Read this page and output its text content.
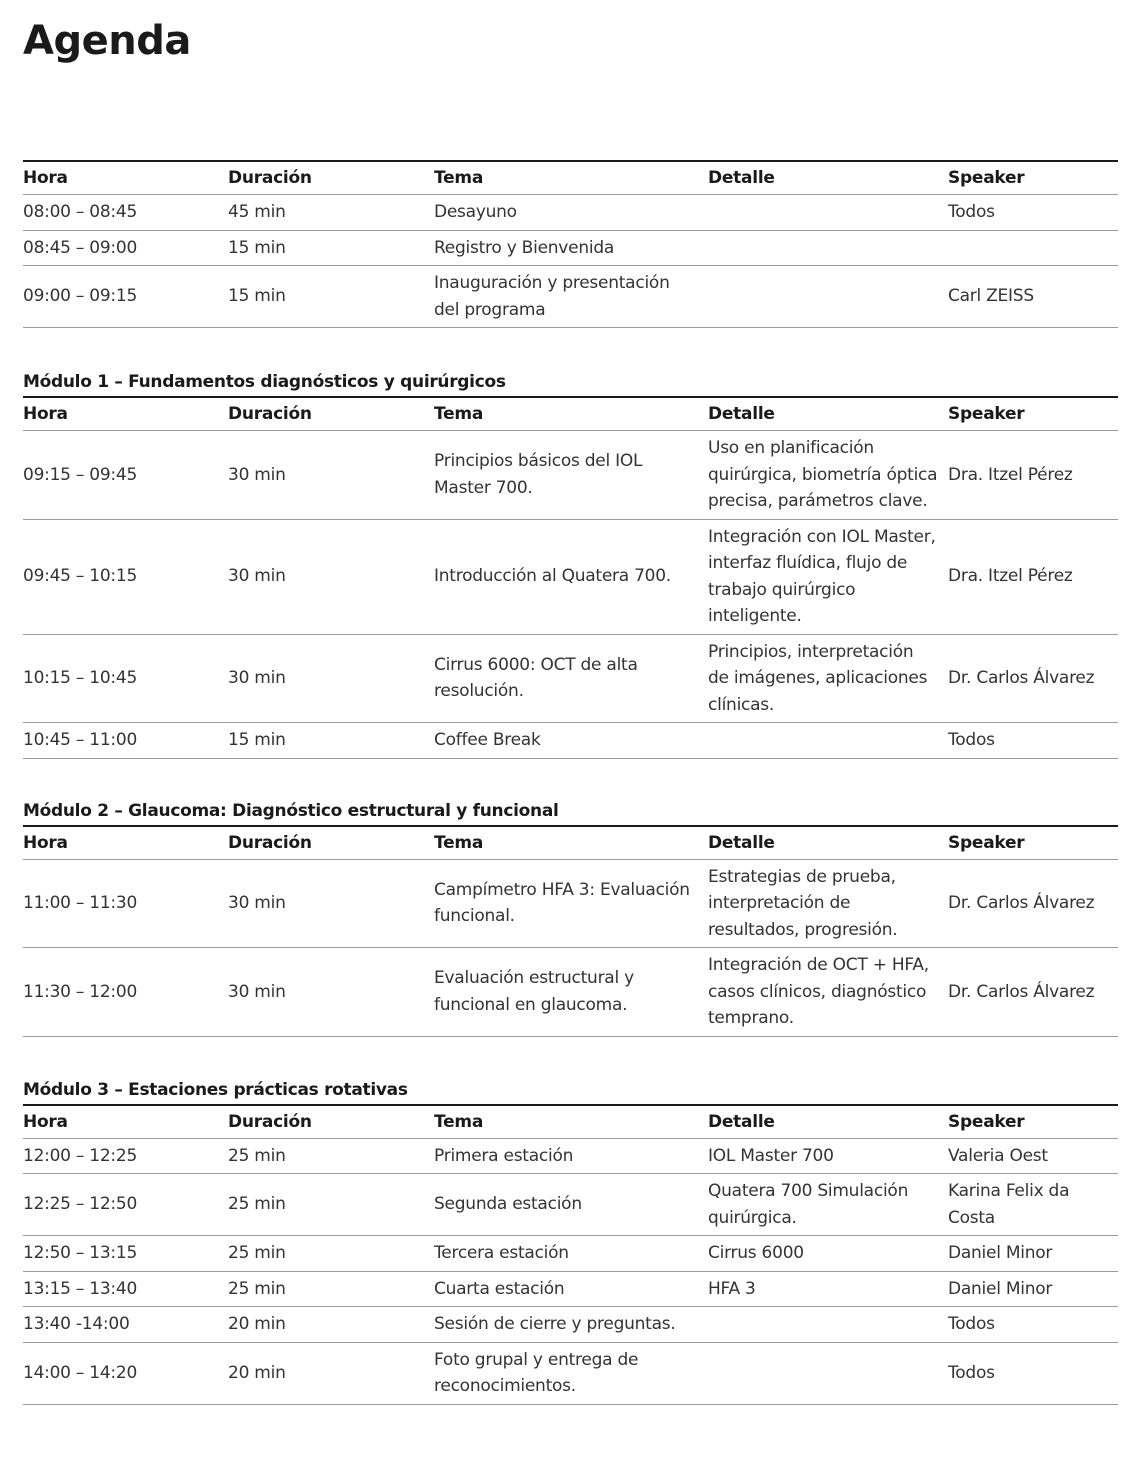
Agenda
Hora	Duración	Tema	Detalle	Speaker
08:00 – 08:45	45 min	Desayuno		Todos
08:45 – 09:00	15 min	Registro y Bienvenida		
09:00 – 09:15	15 min	Inauguración y presentación del programa		Carl ZEISS
Módulo 1 – Fundamentos diagnósticos y quirúrgicos
Hora	Duración	Tema	Detalle	Speaker
09:15 – 09:45	30 min	Principios básicos del IOL Master 700.	Uso en planificación quirúrgica, biometría óptica precisa, parámetros clave.	Dra. Itzel Pérez
09:45 – 10:15	30 min	Introducción al Quatera 700.	Integración con IOL Master, interfaz fluídica, flujo de trabajo quirúrgico inteligente.	Dra. Itzel Pérez
10:15 – 10:45	30 min	Cirrus 6000: OCT de alta resolución.	Principios, interpretación de imágenes, aplicaciones clínicas.	Dr. Carlos Álvarez
10:45 – 11:00	15 min	Coffee Break		Todos
Módulo 2 – Glaucoma: Diagnóstico estructural y funcional
Hora	Duración	Tema	Detalle	Speaker
11:00 – 11:30	30 min	Campímetro HFA 3: Evaluación funcional.	Estrategias de prueba, interpretación de resultados, progresión.	Dr. Carlos Álvarez
11:30 – 12:00	30 min	Evaluación estructural y funcional en glaucoma.	Integración de OCT + HFA, casos clínicos, diagnóstico temprano.	Dr. Carlos Álvarez
Módulo 3 – Estaciones prácticas rotativas
Hora	Duración	Tema	Detalle	Speaker
12:00 – 12:25	25 min	Primera estación	IOL Master 700	Valeria Oest
12:25 – 12:50	25 min	Segunda estación	Quatera 700 Simulación quirúrgica.	Karina Felix da Costa
12:50 – 13:15	25 min	Tercera estación	Cirrus 6000	Daniel Minor
13:15 – 13:40	25 min	Cuarta estación	HFA 3	Daniel Minor
13:40 -14:00	20 min	Sesión de cierre y preguntas.		Todos
14:00 – 14:20	20 min	Foto grupal y entrega de reconocimientos.		Todos
